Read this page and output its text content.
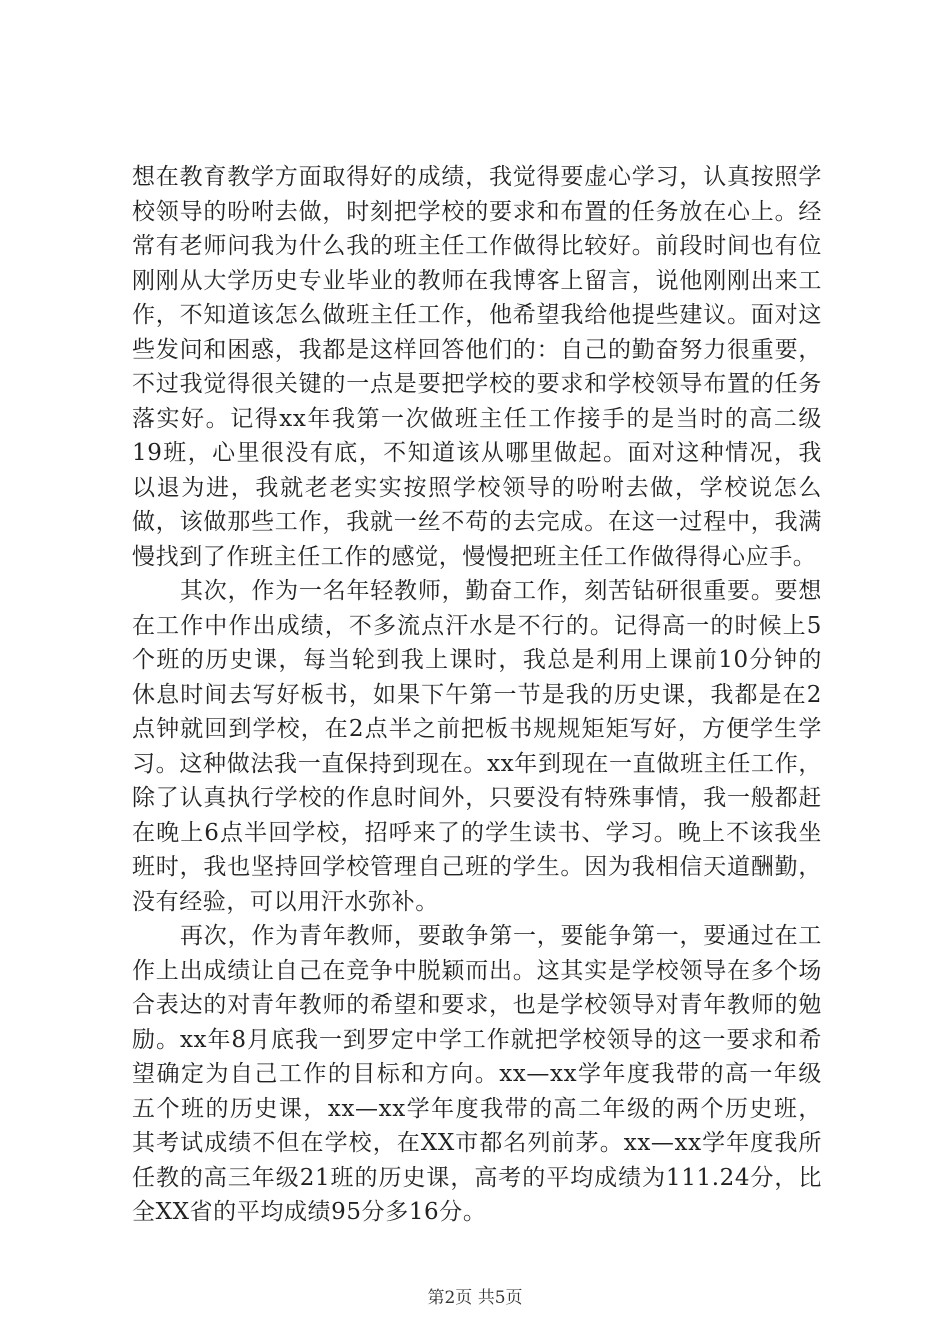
想在教育教学方面取得好的成绩，我觉得要虚心学习，认真按照学校领导的吩咐去做，时刻把学校的要求和布置的任务放在心上。经常有老师问我为什么我的班主任工作做得比较好。前段时间也有位刚刚从大学历史专业毕业的教师在我博客上留言，说他刚刚出来工作，不知道该怎么做班主任工作，他希望我给他提些建议。面对这些发问和困惑，我都是这样回答他们的：自己的勤奋努力很重要，不过我觉得很关键的一点是要把学校的要求和学校领导布置的任务落实好。记得xx年我第一次做班主任工作接手的是当时的高二级19班，心里很没有底，不知道该从哪里做起。面对这种情况，我以退为进，我就老老实实按照学校领导的吩咐去做，学校说怎么做，该做那些工作，我就一丝不苟的去完成。在这一过程中，我满慢找到了作班主任工作的感觉，慢慢把班主任工作做得得心应手。

其次，作为一名年轻教师，勤奋工作，刻苦钻研很重要。要想在工作中作出成绩，不多流点汗水是不行的。记得高一的时候上5个班的历史课，每当轮到我上课时，我总是利用上课前10分钟的休息时间去写好板书，如果下午第一节是我的历史课，我都是在2点钟就回到学校，在2点半之前把板书规规矩矩写好，方便学生学习。这种做法我一直保持到现在。xx年到现在一直做班主任工作，除了认真执行学校的作息时间外，只要没有特殊事情，我一般都赶在晚上6点半回学校，招呼来了的学生读书、学习。晚上不该我坐班时，我也坚持回学校管理自己班的学生。因为我相信天道酬勤，没有经验，可以用汗水弥补。

再次，作为青年教师，要敢争第一，要能争第一，要通过在工作上出成绩让自己在竞争中脱颖而出。这其实是学校领导在多个场合表达的对青年教师的希望和要求，也是学校领导对青年教师的勉励。xx年8月底我一到罗定中学工作就把学校领导的这一要求和希望确定为自己工作的目标和方向。xx—xx学年度我带的高一年级五个班的历史课，xx—xx学年度我带的高二年级的两个历史班，其考试成绩不但在学校，在XX市都名列前茅。xx—xx学年度我所任教的高三年级21班的历史课，高考的平均成绩为111.24分，比全XX省的平均成绩95分多16分。

第2页 共5页
